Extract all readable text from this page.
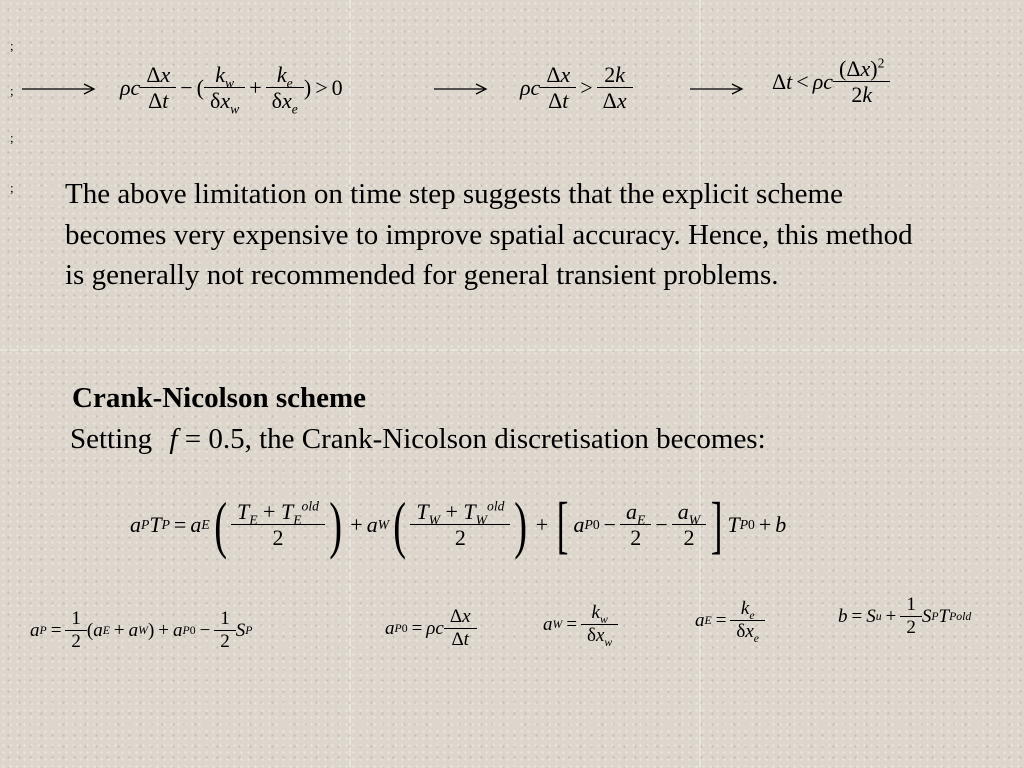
;
;
;
;
ρc $\frac{\Delta x}{\Delta t}$ − ( $\frac{k_w}{\delta x_w} + \frac{k_e}{\delta x_e}$ ) > 0	ρc $\frac{\Delta x}{\Delta t} > \frac{2k}{\Delta x}$	Δ t < ρc $\frac{(\Delta x)^2}{2k}$
The above limitation on time step suggests that the explicit scheme becomes very expensive to improve spatial accuracy. Hence, this method is generally not recommended for general transient problems.
Crank-Nicolson scheme
Setting f = 0.5, the Crank-Nicolson discretisation becomes:
a P T P = a E ( $\frac{T_E + T_E^{old}}{2}$ ) + a W ( $\frac{T_W + T_W^{old}}{2}$ ) + [ a P $0 - \frac{a_E}{2} - \frac{a_W}{2}$ ] T P 0 + b
a $P = \frac{1}{2}$ ( a E + a W ) + a P $0 - \frac{1}{2}$ S P	a P 0 = ρc $\frac{\Delta x}{\Delta t}$	a $W = \frac{k_w}{\delta x_w}$	a $E = \frac{k_e}{\delta x_e}$	b = S $u + \frac{1}{2}$ S P T P old
